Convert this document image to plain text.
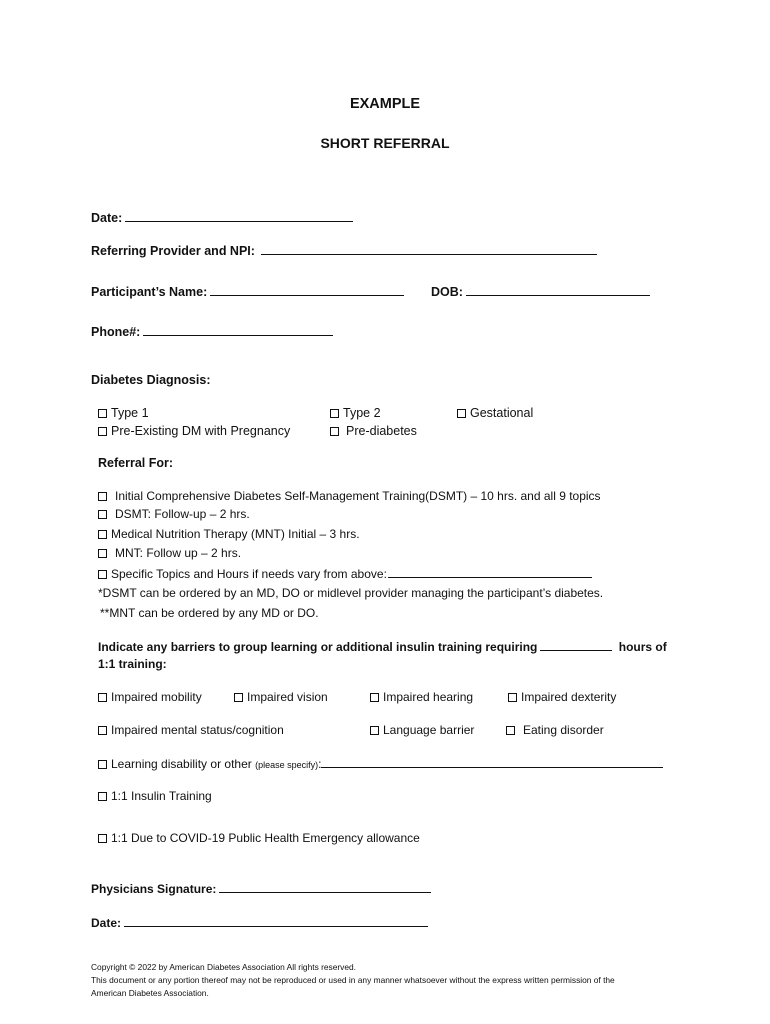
EXAMPLE
SHORT REFERRAL
Date:
Referring Provider and NPI:
Participant’s Name:	DOB:
Phone#:
Diabetes Diagnosis:
Type 1	Type 2	Gestational
Pre-Existing DM with Pregnancy	Pre-diabetes
Referral For:
Initial Comprehensive Diabetes Self-Management Training(DSMT) – 10 hrs. and all 9 topics
DSMT: Follow-up – 2 hrs.
Medical Nutrition Therapy (MNT) Initial – 3 hrs.
MNT: Follow up – 2 hrs.
Specific Topics and Hours if needs vary from above:
*DSMT can be ordered by an MD, DO or midlevel provider managing the participant’s diabetes.
**MNT can be ordered by any MD or DO.
Indicate any barriers to group learning or additional insulin training requiring	hours of
1:1 training:
Impaired mobility	Impaired vision	Impaired hearing	Impaired dexterity
Impaired mental status/cognition	Language barrier	Eating disorder
Learning disability or other (please specify):
1:1 Insulin Training
1:1 Due to COVID-19 Public Health Emergency allowance
Physicians Signature:
Date:
Copyright © 2022 by American Diabetes Association All rights reserved.
This document or any portion thereof may not be reproduced or used in any manner whatsoever without the express written permission of the
American Diabetes Association.
